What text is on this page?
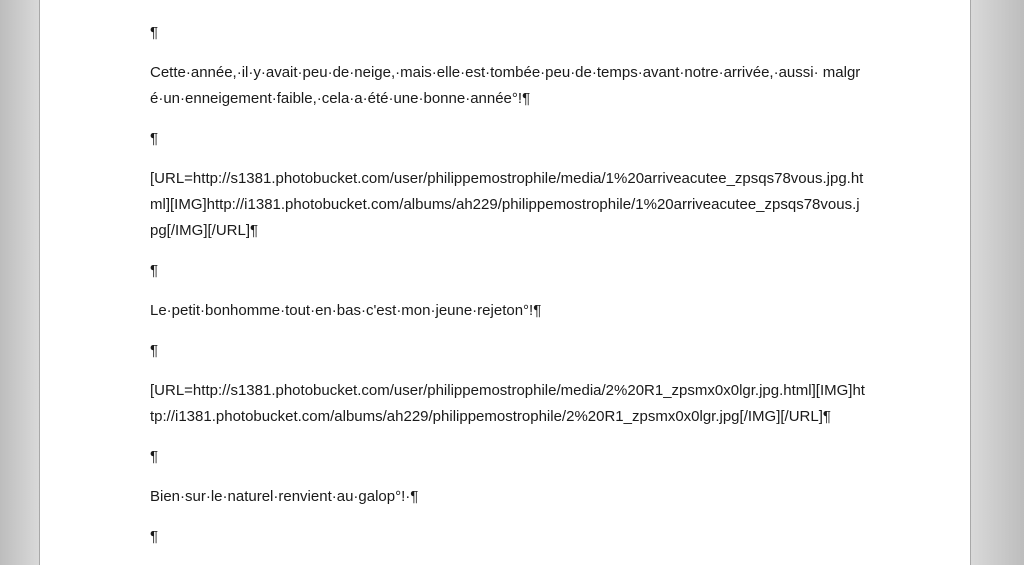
¶

Cette·année,·il·y·avait·peu·de·neige,·mais·elle·est·tombée·peu·de·temps·avant·notre·arrivée,·aussi· malgré·un·enneigement·faible,·cela·a·été·une·bonne·année°!¶

¶

[URL=http://s1381.photobucket.com/user/philippemostrophile/media/1%20arriveacutee_zpsqs78vous.jpg.html][IMG]http://i1381.photobucket.com/albums/ah229/philippemostrophile/1%20arriveacutee_zpsqs78vous.jpg[/IMG][/URL]¶

¶

Le·petit·bonhomme·tout·en·bas·c'est·mon·jeune·rejeton°!¶

¶

[URL=http://s1381.photobucket.com/user/philippemostrophile/media/2%20R1_zpsmx0x0lgr.jpg.html][IMG]http://i1381.photobucket.com/albums/ah229/philippemostrophile/2%20R1_zpsmx0x0lgr.jpg[/IMG][/URL]¶

¶

Bien·sur·le·naturel·renvient·au·galop°!·¶

¶
